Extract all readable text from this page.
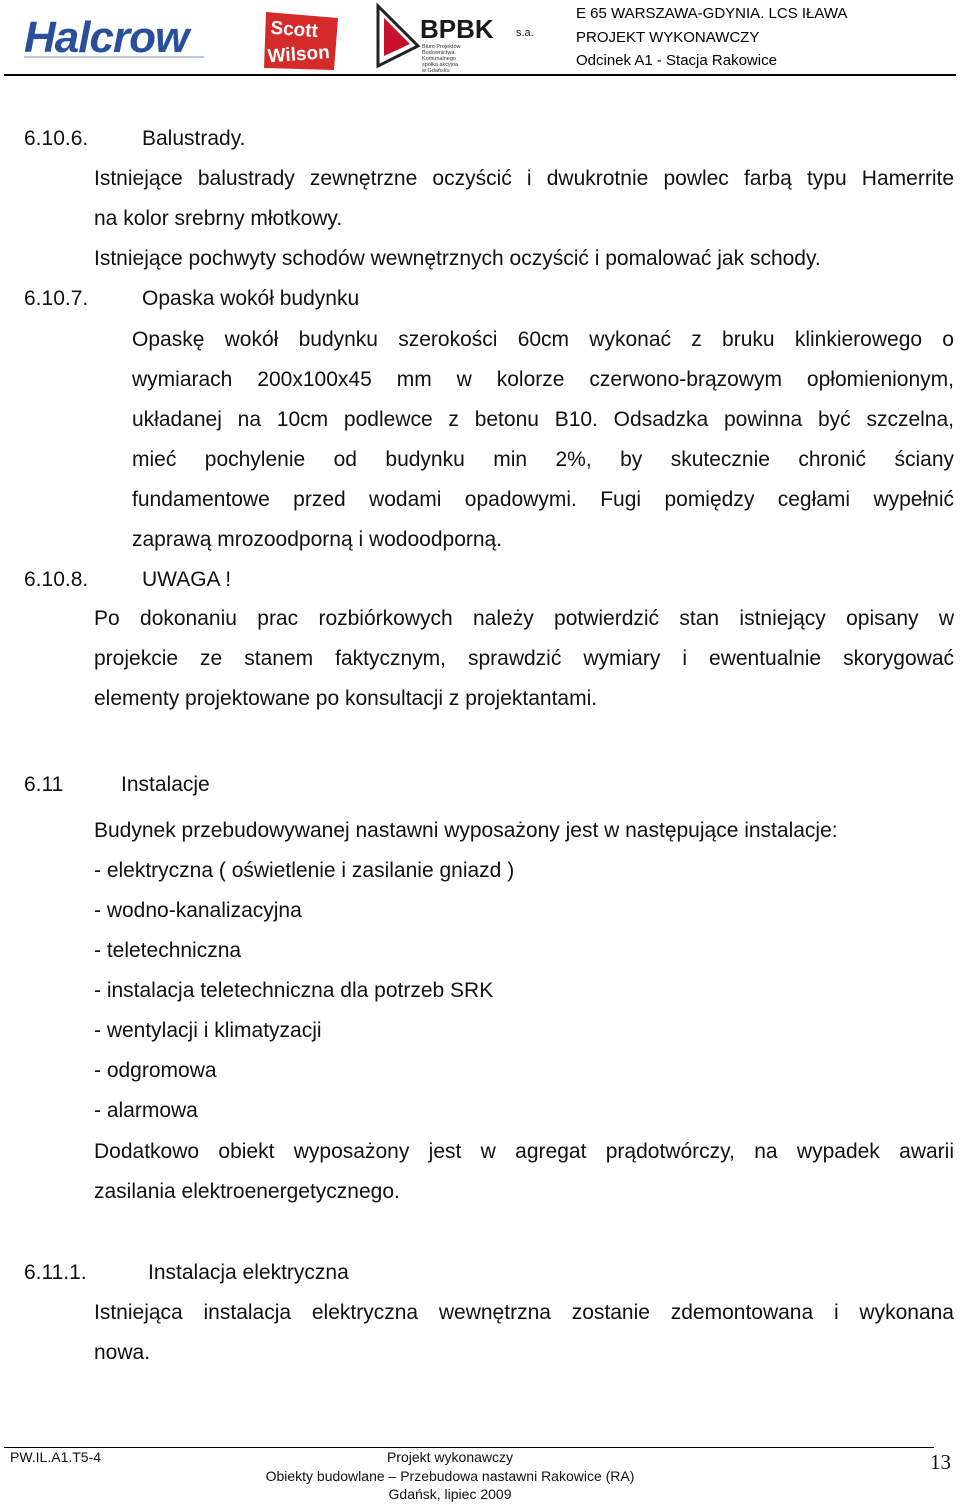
Halcrow	Scott
Wilson
BPBK s.a.
Biuro Projektów
Budownictwa
Komunalnego
spółka akcyjna
w Gdańsku
E 65 WARSZAWA-GDYNIA. LCS IŁAWA
PROJEKT WYKONAWCZY
Odcinek A1 - Stacja Rakowice
6.10.6.	Balustrady.
Istniejące balustrady zewnętrzne oczyścić i dwukrotnie powlec farbą typu Hamerrite
na kolor srebrny młotkowy.
Istniejące pochwyty schodów wewnętrznych oczyścić i pomalować jak schody.
6.10.7.	Opaska wokół budynku
Opaskę wokół budynku szerokości 60cm wykonać z bruku klinkierowego o
wymiarach 200x100x45 mm w kolorze czerwono-brązowym opłomienionym,
układanej na 10cm podlewce z betonu B10. Odsadzka powinna być szczelna,
mieć pochylenie od budynku min 2%, by skutecznie chronić ściany
fundamentowe przed wodami opadowymi. Fugi pomiędzy cegłami wypełnić
zaprawą mrozoodporną i wodoodporną.
6.10.8.	UWAGA !
Po dokonaniu prac rozbiórkowych należy potwierdzić stan istniejący opisany w
projekcie ze stanem faktycznym, sprawdzić wymiary i ewentualnie skorygować
elementy projektowane po konsultacji z projektantami.
6.11	Instalacje
Budynek przebudowywanej nastawni wyposażony jest w następujące instalacje:
- elektryczna ( oświetlenie i zasilanie gniazd )
- wodno-kanalizacyjna
- teletechniczna
- instalacja teletechniczna dla potrzeb SRK
- wentylacji i klimatyzacji
- odgromowa
- alarmowa
Dodatkowo obiekt wyposażony jest w agregat prądotwórczy, na wypadek awarii
zasilania elektroenergetycznego.
6.11.1.	Instalacja elektryczna
Istniejąca instalacja elektryczna wewnętrzna zostanie zdemontowana i wykonana
nowa.
PW.IL.A1.T5-4	Projekt wykonawczy
Obiekty budowlane – Przebudowa nastawni Rakowice (RA)
Gdańsk, lipiec 2009
13
